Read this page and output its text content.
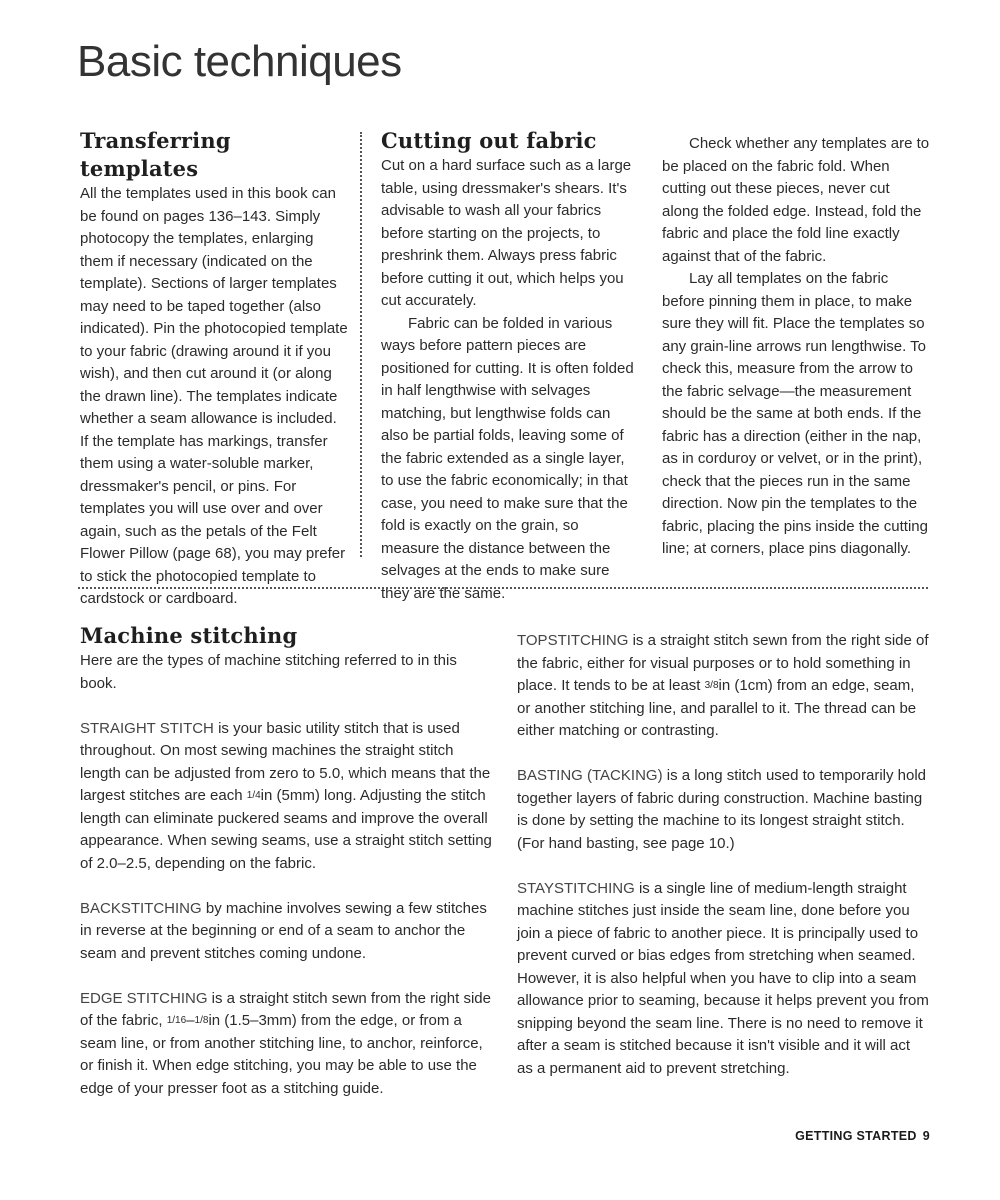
Basic techniques
Transferring templates

All the templates used in this book can be found on pages 136–143. Simply photocopy the templates, enlarging them if necessary (indicated on the template). Sections of larger templates may need to be taped together (also indicated). Pin the photocopied template to your fabric (drawing around it if you wish), and then cut around it (or along the drawn line). The templates indicate whether a seam allowance is included. If the template has markings, transfer them using a water-soluble marker, dressmaker's pencil, or pins. For templates you will use over and over again, such as the petals of the Felt Flower Pillow (page 68), you may prefer to stick the photocopied template to cardstock or cardboard.

Cutting out fabric

Cut on a hard surface such as a large table, using dressmaker's shears. It's advisable to wash all your fabrics before starting on the projects, to preshrink them. Always press fabric before cutting it out, which helps you cut accurately.

Fabric can be folded in various ways before pattern pieces are positioned for cutting. It is often folded in half lengthwise with selvages matching, but lengthwise folds can also be partial folds, leaving some of the fabric extended as a single layer, to use the fabric economically; in that case, you need to make sure that the fold is exactly on the grain, so measure the distance between the selvages at the ends to make sure they are the same.

Check whether any templates are to be placed on the fabric fold. When cutting out these pieces, never cut along the folded edge. Instead, fold the fabric and place the fold line exactly against that of the fabric.

Lay all templates on the fabric before pinning them in place, to make sure they will fit. Place the templates so any grain-line arrows run lengthwise. To check this, measure from the arrow to the fabric selvage—the measurement should be the same at both ends. If the fabric has a direction (either in the nap, as in corduroy or velvet, or in the print), check that the pieces run in the same direction. Now pin the templates to the fabric, placing the pins inside the cutting line; at corners, place pins diagonally.

Machine stitching

Here are the types of machine stitching referred to in this book.

STRAIGHT STITCH is your basic utility stitch that is used throughout. On most sewing machines the straight stitch length can be adjusted from zero to 5.0, which means that the largest stitches are each 1/4in (5mm) long. Adjusting the stitch length can eliminate puckered seams and improve the overall appearance. When sewing seams, use a straight stitch setting of 2.0–2.5, depending on the fabric.

BACKSTITCHING by machine involves sewing a few stitches in reverse at the beginning or end of a seam to anchor the seam and prevent stitches coming undone.

EDGE STITCHING is a straight stitch sewn from the right side of the fabric, 1/16–1/8in (1.5–3mm) from the edge, or from a seam line, or from another stitching line, to anchor, reinforce, or finish it. When edge stitching, you may be able to use the edge of your presser foot as a stitching guide.

TOPSTITCHING is a straight stitch sewn from the right side of the fabric, either for visual purposes or to hold something in place. It tends to be at least 3/8in (1cm) from an edge, seam, or another stitching line, and parallel to it. The thread can be either matching or contrasting.

BASTING (TACKING) is a long stitch used to temporarily hold together layers of fabric during construction. Machine basting is done by setting the machine to its longest straight stitch. (For hand basting, see page 10.)

STAYSTITCHING is a single line of medium-length straight machine stitches just inside the seam line, done before you join a piece of fabric to another piece. It is principally used to prevent curved or bias edges from stretching when seamed. However, it is also helpful when you have to clip into a seam allowance prior to seaming, because it helps prevent you from snipping beyond the seam line. There is no need to remove it after a seam is stitched because it isn't visible and it will act as a permanent aid to prevent stretching.

GETTING STARTED 9
